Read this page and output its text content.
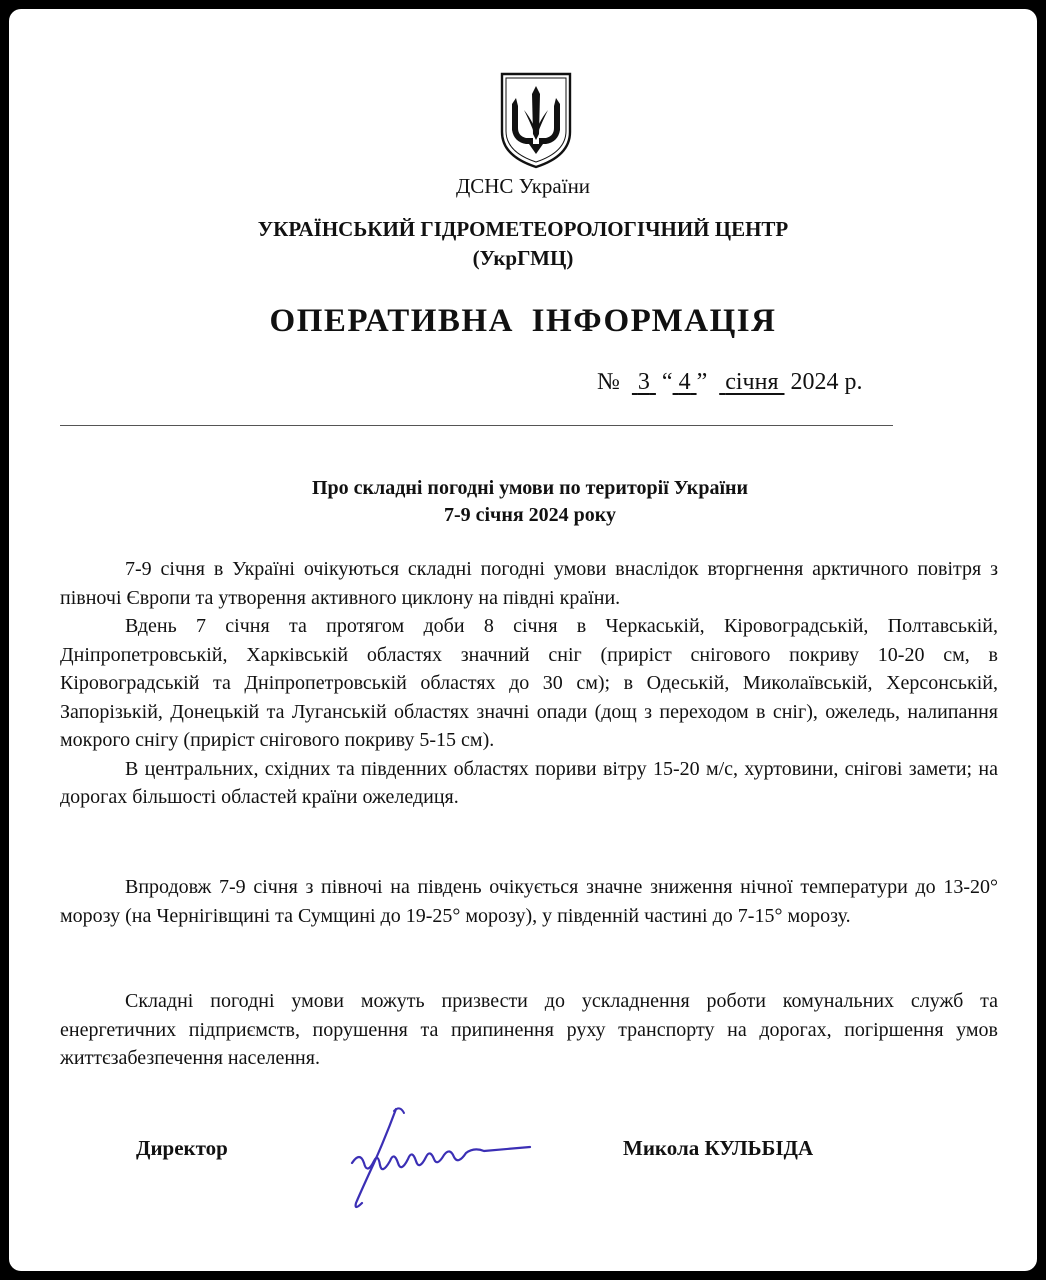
ДСНС України
УКРАЇНСЬКИЙ ГІДРОМЕТЕОРОЛОГІЧНИЙ ЦЕНТР
(УкрГМЦ)
ОПЕРАТИВНА ІНФОРМАЦІЯ
№ 3  “ 4 ”   січня 2024 р.
Про складні погодні умови по території України
7-9 січня 2024 року

7-9 січня в Україні очікуються складні погодні умови внаслідок вторгнення арктичного повітря з півночі Європи та утворення активного циклону на півдні країни.

Вдень 7 січня та протягом доби 8 січня в Черкаській, Кіровоградській, Полтавській, Дніпропетровській, Харківській областях значний сніг (приріст снігового покриву 10-20 см, в Кіровоградській та Дніпропетровській областях до 30 см); в Одеській, Миколаївській, Херсонській, Запорізькій, Донецькій та Луганській областях значні опади (дощ з переходом в сніг), ожеледь, налипання мокрого снігу (приріст снігового покриву 5-15 см).

В центральних, східних та південних областях пориви вітру 15-20 м/с, хуртовини, снігові замети; на дорогах більшості областей країни ожеледиця.

Впродовж 7-9 січня з півночі на південь очікується значне зниження нічної температури до 13-20° морозу (на Чернігівщині та Сумщині до 19-25° морозу), у південній частині до 7-15° морозу.

Складні погодні умови можуть призвести до ускладнення роботи комунальних служб та енергетичних підприємств, порушення та припинення руху транспорту на дорогах, погіршення умов життєзабезпечення населення.

Директор	Микола КУЛЬБІДА
